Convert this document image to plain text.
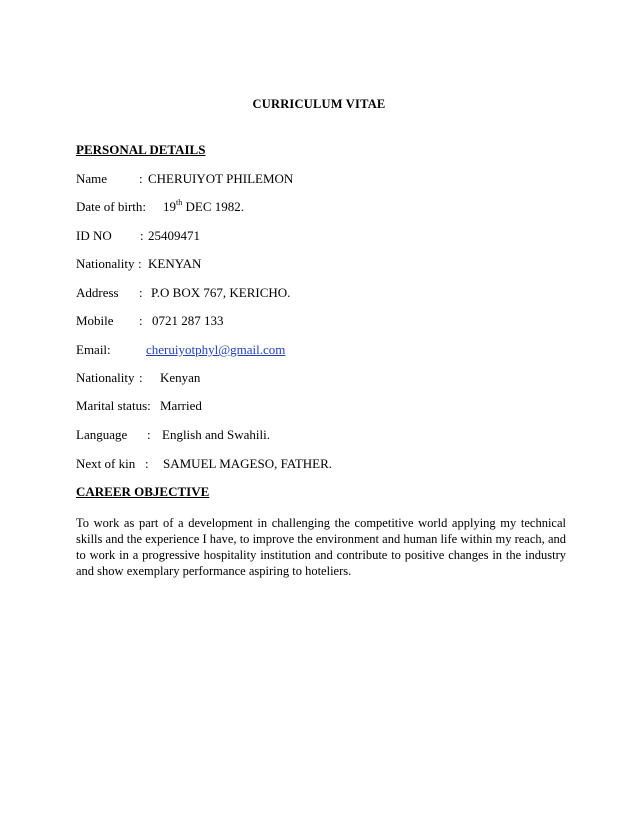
CURRICULUM VITAE
PERSONAL DETAILS
Name : CHERUIYOT PHILEMON
Date of birth: 19th DEC 1982.
ID NO : 25409471
Nationality : KENYAN
Address : P.O BOX 767, KERICHO.
Mobile : 0721 287 133
Email:	cheruiyotphyl@gmail.com
Nationality : Kenyan
Marital status: Married
Language : English and Swahili.
Next of kin : SAMUEL MAGESO, FATHER.
CAREER OBJECTIVE
To work as part of a development in challenging the competitive world applying my technical skills and the experience I have, to improve the environment and human life within my reach, and to work in a progressive hospitality institution and contribute to positive changes in the industry and show exemplary performance aspiring to hoteliers.
